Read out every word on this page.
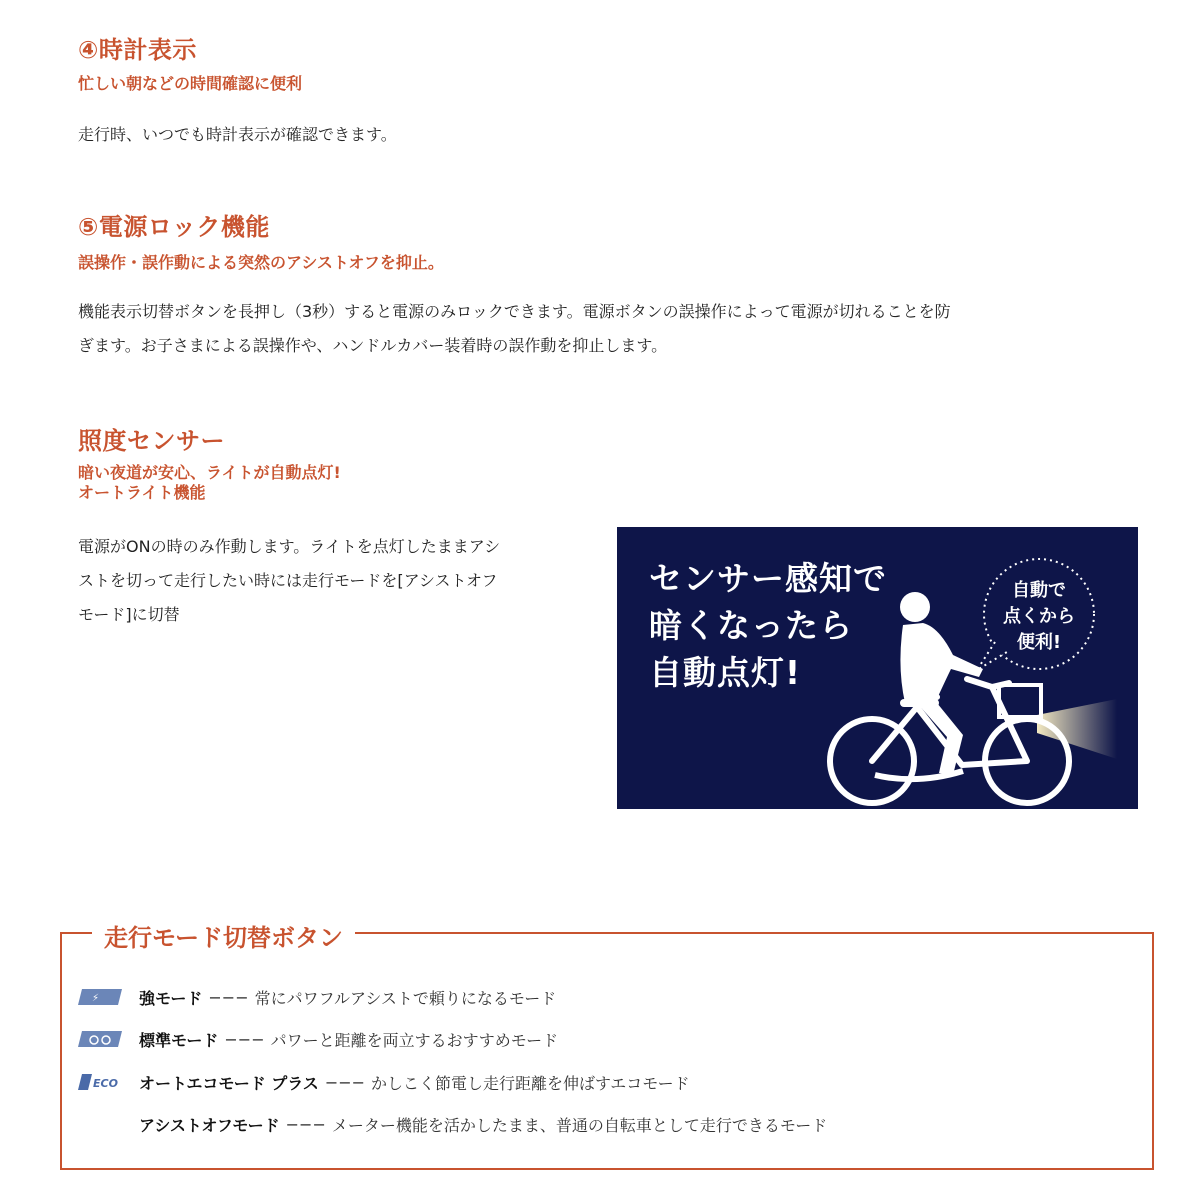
④時計表示
忙しい朝などの時間確認に便利
走行時、いつでも時計表示が確認できます。
⑤電源ロック機能
誤操作・誤作動による突然のアシストオフを抑止。
機能表示切替ボタンを長押し（3秒）すると電源のみロックできます。電源ボタンの誤操作によって電源が切れることを防
ぎます。お子さまによる誤操作や、ハンドルカバー装着時の誤作動を抑止します。
照度センサー
暗い夜道が安心、ライトが自動点灯!
オートライト機能
電源がONの時のみ作動します。ライトを点灯したままアシ
ストを切って走行したい時には走行モードを[アシストオフ
モード]に切替
センサー感知で
暗くなったら
自動点灯!
自動で
点くから
便利!
走行モード切替ボタン
⚡ 強モード −−− 常にパワフルアシストで頼りになるモード
標準モード −−− パワーと距離を両立するおすすめモード
ECO オートエコモード プラス −−− かしこく節電し走行距離を伸ばすエコモード
アシストオフモード −−− メーター機能を活かしたまま、普通の自転車として走行できるモード
